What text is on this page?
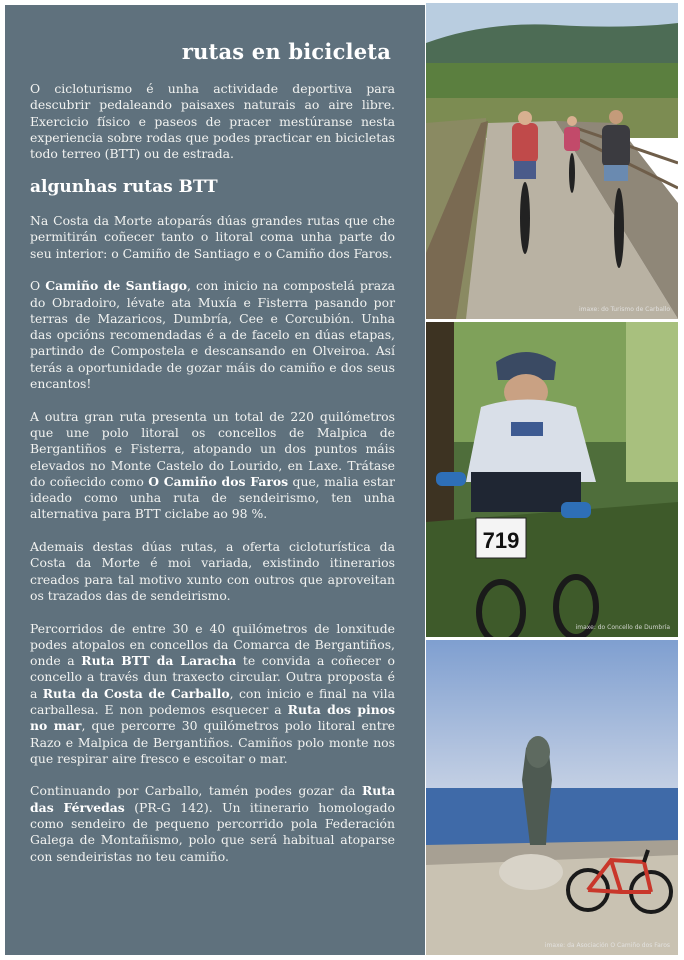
rutas en bicicleta

O cicloturismo é unha actividade deportiva para descubrir pedaleando paisaxes naturais ao aire libre. Exercicio físico e paseos de pracer mestúranse nesta experiencia sobre rodas que podes practicar en bicicletas todo terreo (BTT) ou de estrada.

algunhas rutas BTT

Na Costa da Morte atoparás dúas grandes rutas que che permitirán coñecer tanto o litoral coma unha parte do seu interior: o Camiño de Santiago e o Camiño dos Faros.

O Camiño de Santiago, con inicio na compostelá praza do Obradoiro, lévate ata Muxía e Fisterra pasando por terras de Mazaricos, Dumbría, Cee e Corcubión. Unha das opcións recomendadas é a de facelo en dúas etapas, partindo de Compostela e descansando en Olveiroa. Así terás a oportunidade de gozar máis do camiño e dos seus encantos!

A outra gran ruta presenta un total de 220 quilómetros que une polo litoral os concellos de Malpica de Bergantiños e Fisterra, atopando un dos puntos máis elevados no Monte Castelo do Lourido, en Laxe. Trátase do coñecido como O Camiño dos Faros que, malia estar ideado como unha ruta de sendeirismo, ten unha alternativa para BTT ciclabe ao 98 %.

Ademais destas dúas rutas, a oferta cicloturística da Costa da Morte é moi variada, existindo itinerarios creados para tal motivo xunto con outros que aproveitan os trazados das de sendeirismo.

Percorridos de entre 30 e 40 quilómetros de lonxitude podes atopalos en concellos da Comarca de Bergantiños, onde a Ruta BTT da Laracha te convida a coñecer o concello a través dun traxecto circular. Outra proposta é a Ruta da Costa de Carballo, con inicio e final na vila carballesa. E non podemos esquecer a Ruta dos pinos no mar, que percorre 30 quilómetros polo litoral entre Razo e Malpica de Bergantiños. Camiños polo monte nos que respirar aire fresco e escoitar o mar.

Continuando por Carballo, tamén podes gozar da Ruta das Férvedas (PR-G 142). Un itinerario homologado como sendeiro de pequeno percorrido pola Federación Galega de Montañismo, polo que será habitual atoparse con sendeiristas no teu camiño.

imaxe: do Turismo de Carballo
719
imaxe: do Concello de Dumbría
imaxe: da Asociación O Camiño dos Faros
